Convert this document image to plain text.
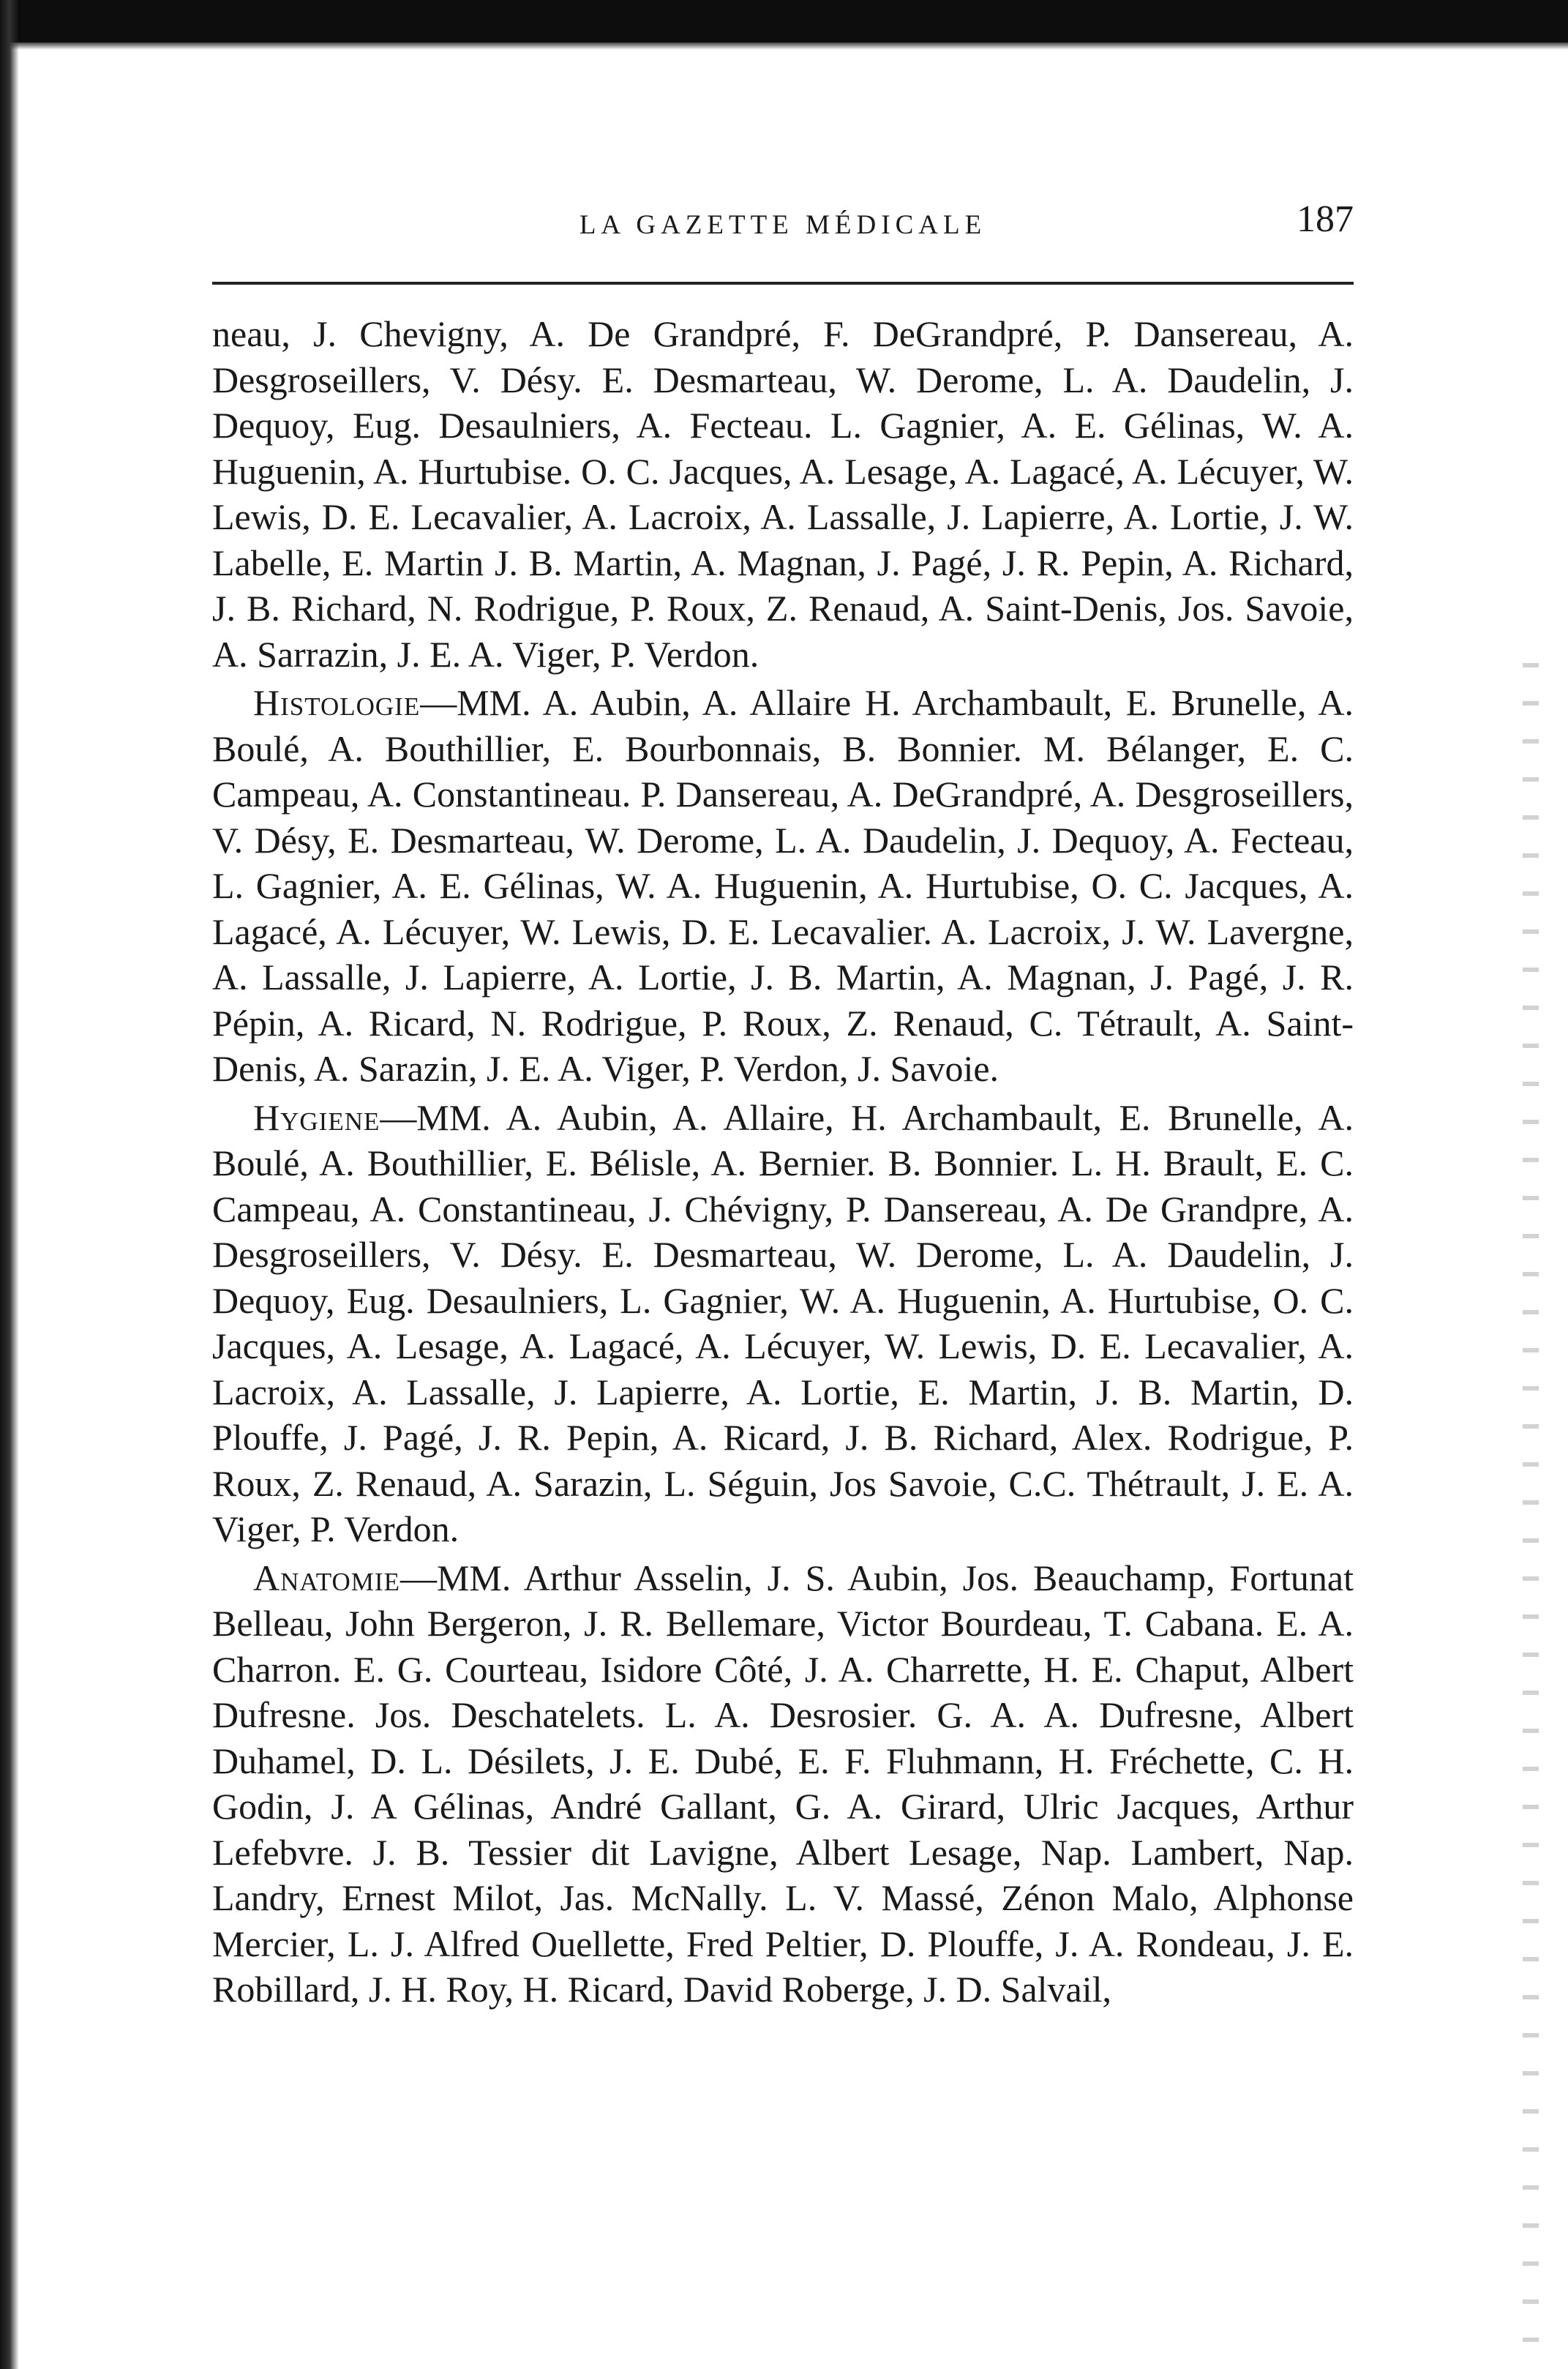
LA GAZETTE MÉDICALE	187

neau, J. Chevigny, A. De Grandpré, F. DeGrandpré, P. Dansereau, A. Desgroseillers, V. Désy. E. Desmarteau, W. Derome, L. A. Daudelin, J. Dequoy, Eug. Desaulniers, A. Fecteau. L. Gagnier, A. E. Gélinas, W. A. Huguenin, A. Hurtubise. O. C. Jacques, A. Lesage, A. Lagacé, A. Lécuyer, W. Lewis, D. E. Lecavalier, A. Lacroix, A. Lassalle, J. Lapierre, A. Lortie, J. W. Labelle, E. Martin J. B. Martin, A. Magnan, J. Pagé, J. R. Pepin, A. Richard, J. B. Richard, N. Rodrigue, P. Roux, Z. Renaud, A. Saint-Denis, Jos. Savoie, A. Sarrazin, J. E. A. Viger, P. Verdon.

Histologie—MM. A. Aubin, A. Allaire H. Archambault, E. Brunelle, A. Boulé, A. Bouthillier, E. Bourbonnais, B. Bonnier. M. Bélanger, E. C. Campeau, A. Constantineau. P. Dansereau, A. DeGrandpré, A. Desgroseillers, V. Désy, E. Desmarteau, W. Derome, L. A. Daudelin, J. Dequoy, A. Fecteau, L. Gagnier, A. E. Gélinas, W. A. Huguenin, A. Hurtubise, O. C. Jacques, A. Lagacé, A. Lécuyer, W. Lewis, D. E. Lecavalier. A. Lacroix, J. W. Lavergne, A. Lassalle, J. Lapierre, A. Lortie, J. B. Martin, A. Magnan, J. Pagé, J. R. Pépin, A. Ricard, N. Rodrigue, P. Roux, Z. Renaud, C. Tétrault, A. Saint-Denis, A. Sarazin, J. E. A. Viger, P. Verdon, J. Savoie.

Hygiene—MM. A. Aubin, A. Allaire, H. Archambault, E. Brunelle, A. Boulé, A. Bouthillier, E. Bélisle, A. Bernier. B. Bonnier. L. H. Brault, E. C. Campeau, A. Constantineau, J. Chévigny, P. Dansereau, A. De Grandpre, A. Desgroseillers, V. Désy. E. Desmarteau, W. Derome, L. A. Daudelin, J. Dequoy, Eug. Desaulniers, L. Gagnier, W. A. Huguenin, A. Hurtubise, O. C. Jacques, A. Lesage, A. Lagacé, A. Lécuyer, W. Lewis, D. E. Lecavalier, A. Lacroix, A. Lassalle, J. Lapierre, A. Lortie, E. Martin, J. B. Martin, D. Plouffe, J. Pagé, J. R. Pepin, A. Ricard, J. B. Richard, Alex. Rodrigue, P. Roux, Z. Renaud, A. Sarazin, L. Séguin, Jos Savoie, C.C. Thétrault, J. E. A. Viger, P. Verdon.

Anatomie—MM. Arthur Asselin, J. S. Aubin, Jos. Beauchamp, Fortunat Belleau, John Bergeron, J. R. Bellemare, Victor Bourdeau, T. Cabana. E. A. Charron. E. G. Courteau, Isidore Côté, J. A. Charrette, H. E. Chaput, Albert Dufresne. Jos. Deschatelets. L. A. Desrosier. G. A. A. Dufresne, Albert Duhamel, D. L. Désilets, J. E. Dubé, E. F. Fluhmann, H. Fréchette, C. H. Godin, J. A Gélinas, André Gallant, G. A. Girard, Ulric Jacques, Arthur Lefebvre. J. B. Tessier dit Lavigne, Albert Lesage, Nap. Lambert, Nap. Landry, Ernest Milot, Jas. McNally. L. V. Massé, Zénon Malo, Alphonse Mercier, L. J. Alfred Ouellette, Fred Peltier, D. Plouffe, J. A. Rondeau, J. E. Robillard, J. H. Roy, H. Ricard, David Roberge, J. D. Salvail,
